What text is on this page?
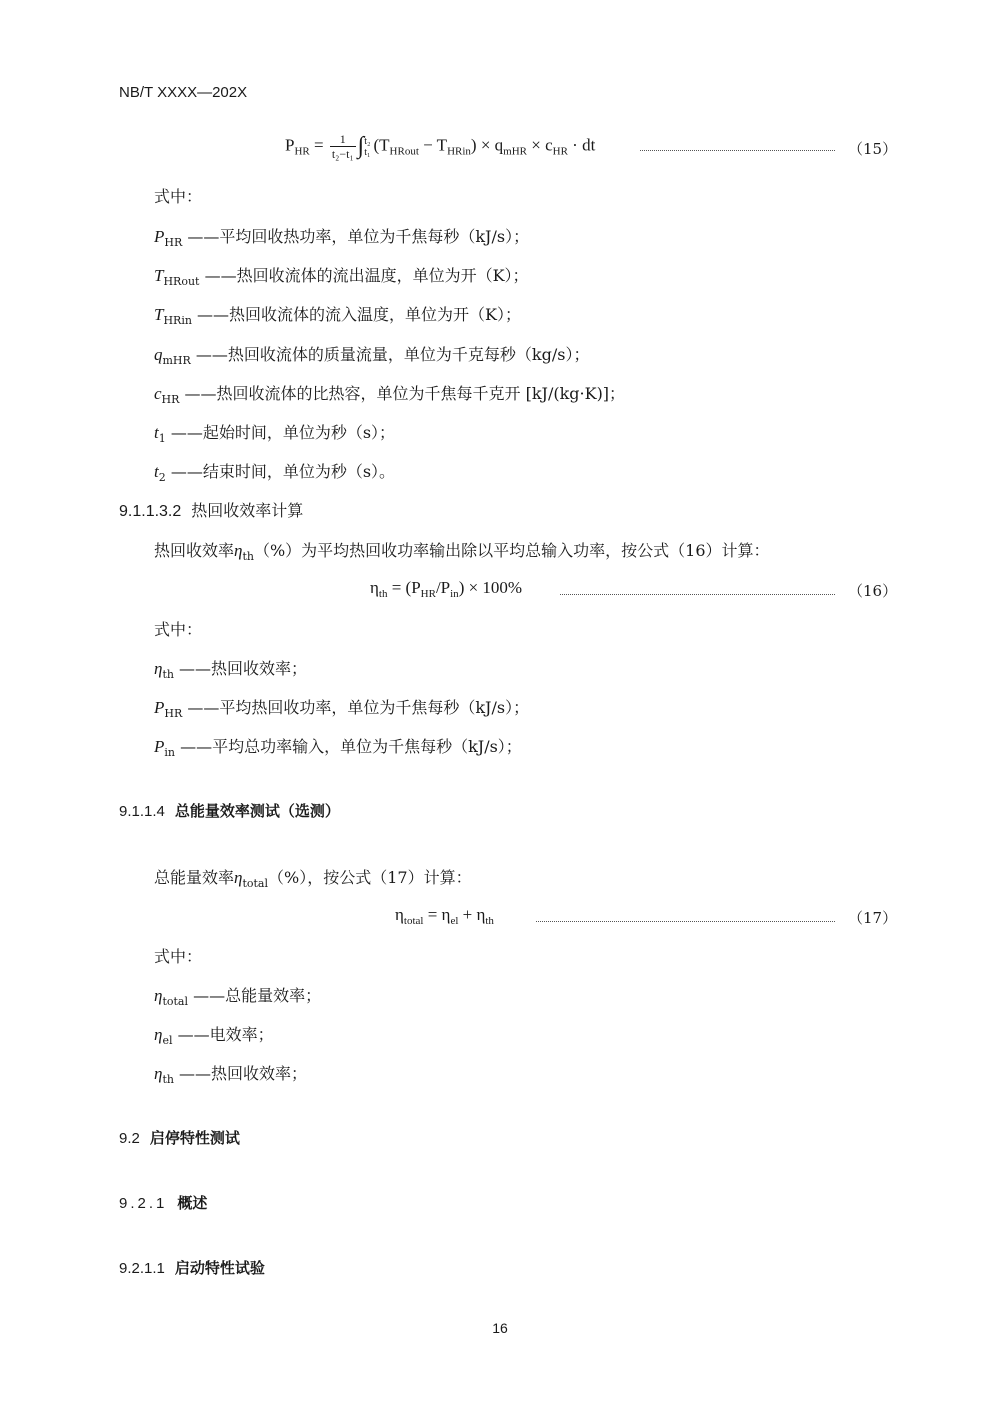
NB/T XXXX—202X
$P_{HR} = \frac{1}{\text{t₂−t₁}}$ ∫ t₂
t₁ $(T_{HRout} - T_{HRin}) \times q_{mHR} \times c_{HR}$ · dt	（15）
式中：
$P_{HR}$ ——平均回收热功率，单位为千焦每秒（kJ/s）；
$T_{HRout}$ ——热回收流体的流出温度，单位为开（K）；
$T_{HRin}$ ——热回收流体的流入温度，单位为开（K）；
$q_{mHR}$ ——热回收流体的质量流量，单位为千克每秒（kg/s）；
$c_{HR}$ ——热回收流体的比热容，单位为千焦每千克开 [kJ/(kg·K)]；
$t_1$ ——起始时间，单位为秒（s）；
$t_2$ ——结束时间，单位为秒（s）。
9.1.1.3.2 热回收效率计算
热回收效率$\eta_{th}(\%)$为平均热回收功率输出除以平均总输入功率，按公式（16）计算：
$\eta_{th} = (P_{HR}/P_{in}) \times 100\%$	（16）
式中：
$\eta_{th}$ ——热回收效率；
$P_{HR}$ ——平均热回收功率，单位为千焦每秒（kJ/s）；
$P_{in}$ ——平均总功率输入，单位为千焦每秒（kJ/s）；
9.1.1.4 总能量效率测试（选测）
总能量效率$\eta_{total}(\%)$，按公式（17）计算：
$\eta_{total} = \eta_{el} + \eta_{th}$	（17）
式中：
$\eta_{total}$ ——总能量效率；
$\eta_{el}$ ——电效率；
$\eta_{th}$ ——热回收效率；
9.2 启停特性测试
9.2.1 概述
9.2.1.1 启动特性试验
16
